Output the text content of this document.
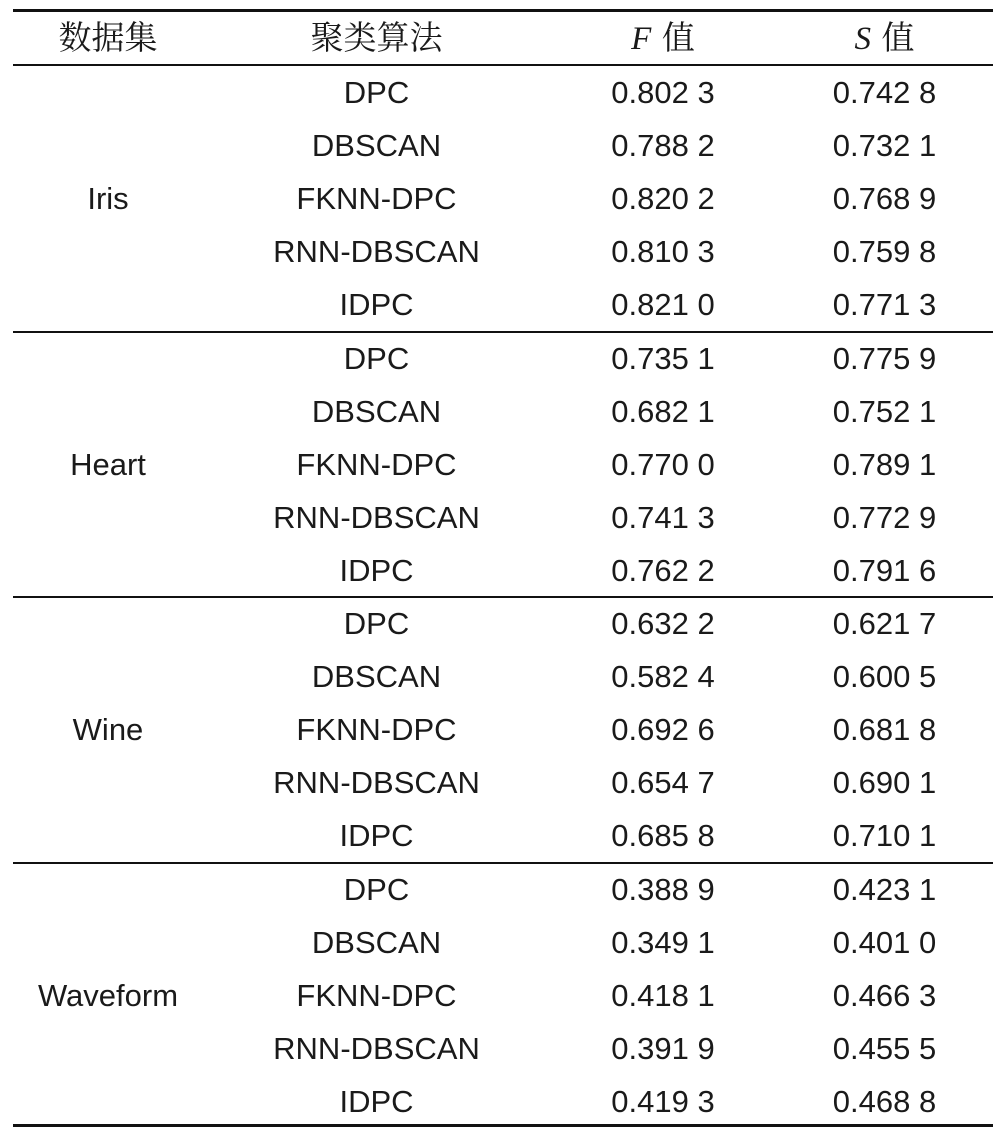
数据集	聚类算法	F 值	S 值
Iris
DPC	0.802 3	0.742 8
DBSCAN	0.788 2	0.732 1
FKNN-DPC	0.820 2	0.768 9
RNN-DBSCAN	0.810 3	0.759 8
IDPC	0.821 0	0.771 3
Heart
DPC	0.735 1	0.775 9
DBSCAN	0.682 1	0.752 1
FKNN-DPC	0.770 0	0.789 1
RNN-DBSCAN	0.741 3	0.772 9
IDPC	0.762 2	0.791 6
Wine
DPC	0.632 2	0.621 7
DBSCAN	0.582 4	0.600 5
FKNN-DPC	0.692 6	0.681 8
RNN-DBSCAN	0.654 7	0.690 1
IDPC	0.685 8	0.710 1
Waveform
DPC	0.388 9	0.423 1
DBSCAN	0.349 1	0.401 0
FKNN-DPC	0.418 1	0.466 3
RNN-DBSCAN	0.391 9	0.455 5
IDPC	0.419 3	0.468 8
